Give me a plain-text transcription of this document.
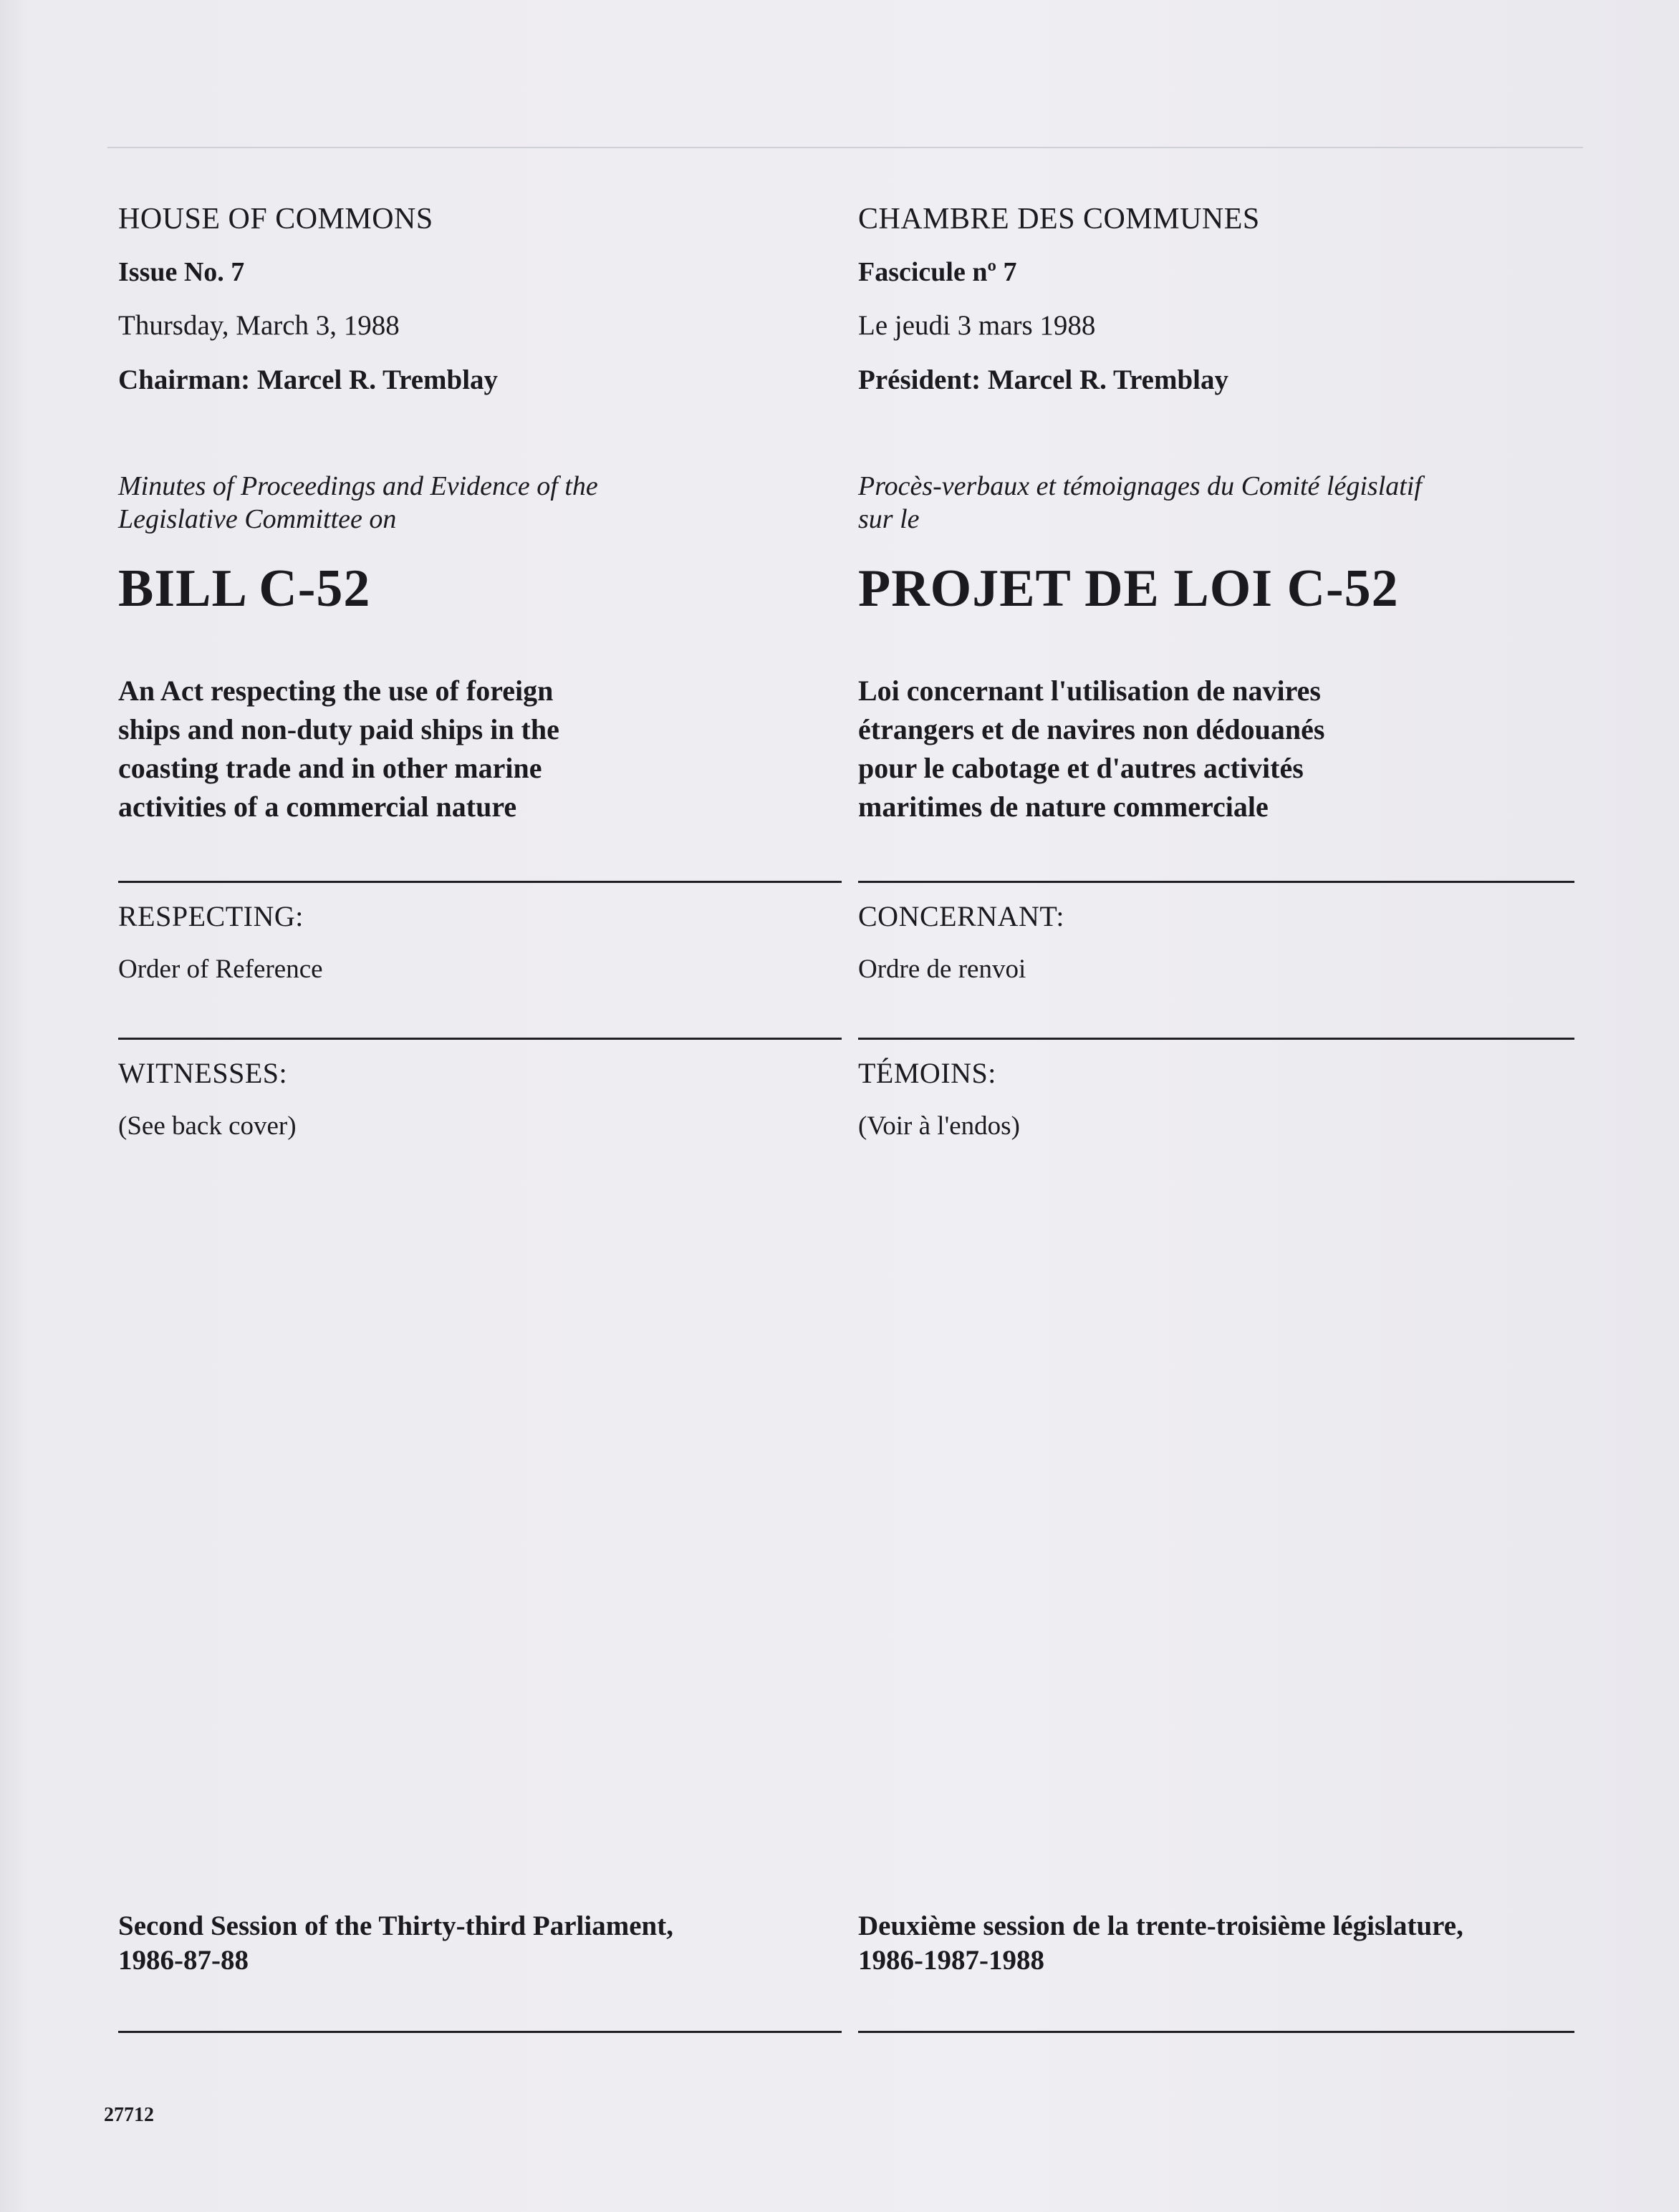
HOUSE OF COMMONS
Issue No. 7
Thursday, March 3, 1988
Chairman: Marcel R. Tremblay
Minutes of Proceedings and Evidence of the
Legislative Committee on
BILL C-52
An Act respecting the use of foreign
ships and non-duty paid ships in the
coasting trade and in other marine
activities of a commercial nature
RESPECTING:
Order of Reference
WITNESSES:
(See back cover)
Second Session of the Thirty-third Parliament,
1986-87-88
CHAMBRE DES COMMUNES
Fascicule nº 7
Le jeudi 3 mars 1988
Président: Marcel R. Tremblay
Procès-verbaux et témoignages du Comité législatif
sur le
PROJET DE LOI C-52
Loi concernant l'utilisation de navires
étrangers et de navires non dédouanés
pour le cabotage et d'autres activités
maritimes de nature commerciale
CONCERNANT:
Ordre de renvoi
TÉMOINS:
(Voir à l'endos)
Deuxième session de la trente-troisième législature,
1986-1987-1988
27712
